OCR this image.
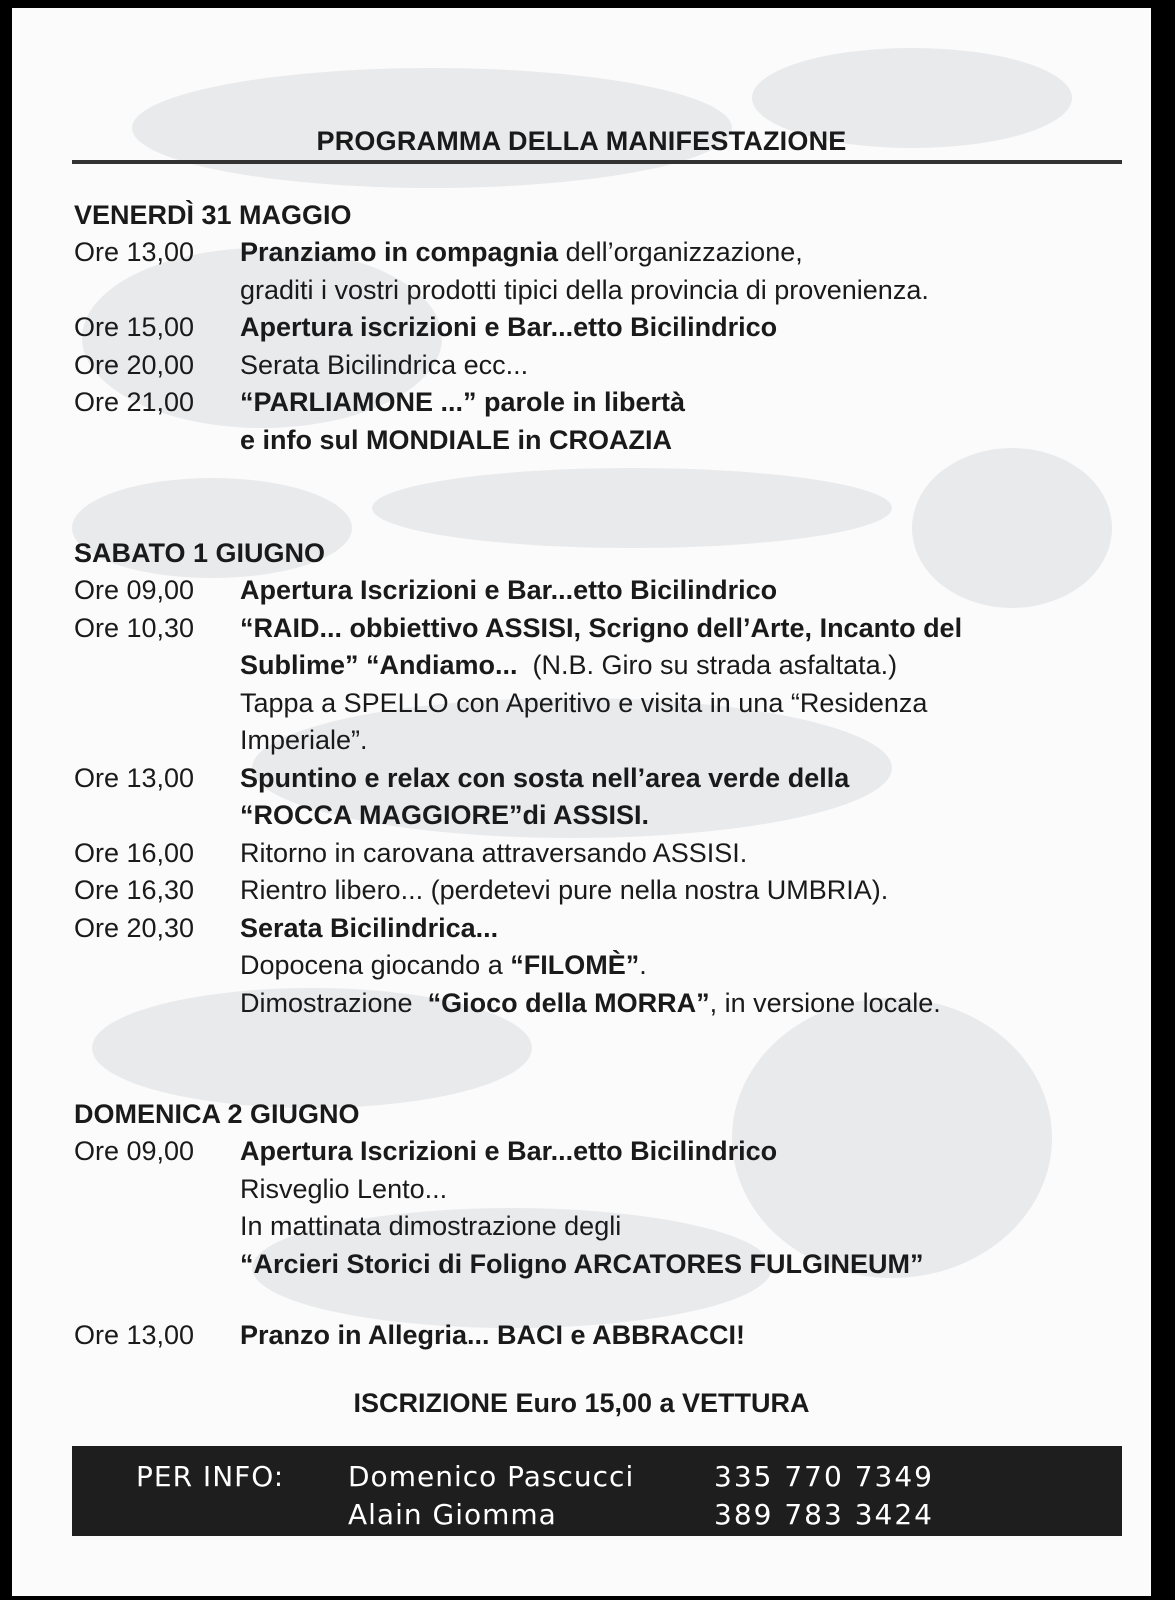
PROGRAMMA DELLA MANIFESTAZIONE
VENERDÌ 31 MAGGIO
Ore 13,00	Pranziamo in compagnia dell’organizzazione,
graditi i vostri prodotti tipici della provincia di provenienza.
Ore 15,00	Apertura iscrizioni e Bar...etto Bicilindrico
Ore 20,00	Serata Bicilindrica ecc...
Ore 21,00	“PARLIAMONE ...” parole in libertà
e info sul MONDIALE in CROAZIA
SABATO 1 GIUGNO
Ore 09,00	Apertura Iscrizioni e Bar...etto Bicilindrico
Ore 10,30	“RAID... obbiettivo ASSISI, Scrigno dell’Arte, Incanto del
Sublime” “Andiamo...  (N.B. Giro su strada asfaltata.)
Tappa a SPELLO con Aperitivo e visita in una “Residenza
Imperiale”.
Ore 13,00	Spuntino e relax con sosta nell’area verde della
“ROCCA MAGGIORE”di ASSISI.
Ore 16,00	Ritorno in carovana attraversando ASSISI.
Ore 16,30	Rientro libero... (perdetevi pure nella nostra UMBRIA).
Ore 20,30	Serata Bicilindrica...
Dopocena giocando a “FILOMÈ”.
Dimostrazione  “Gioco della MORRA”, in versione locale.
DOMENICA 2 GIUGNO
Ore 09,00	Apertura Iscrizioni e Bar...etto Bicilindrico
Risveglio Lento...
In mattinata dimostrazione degli
“Arcieri Storici di Foligno ARCATORES FULGINEUM”
Ore 13,00	Pranzo in Allegria... BACI e ABBRACCI!
ISCRIZIONE Euro 15,00 a VETTURA
PER INFO: Domenico Pascucci	335 770 7349
Alain Giomma	389 783 3424
